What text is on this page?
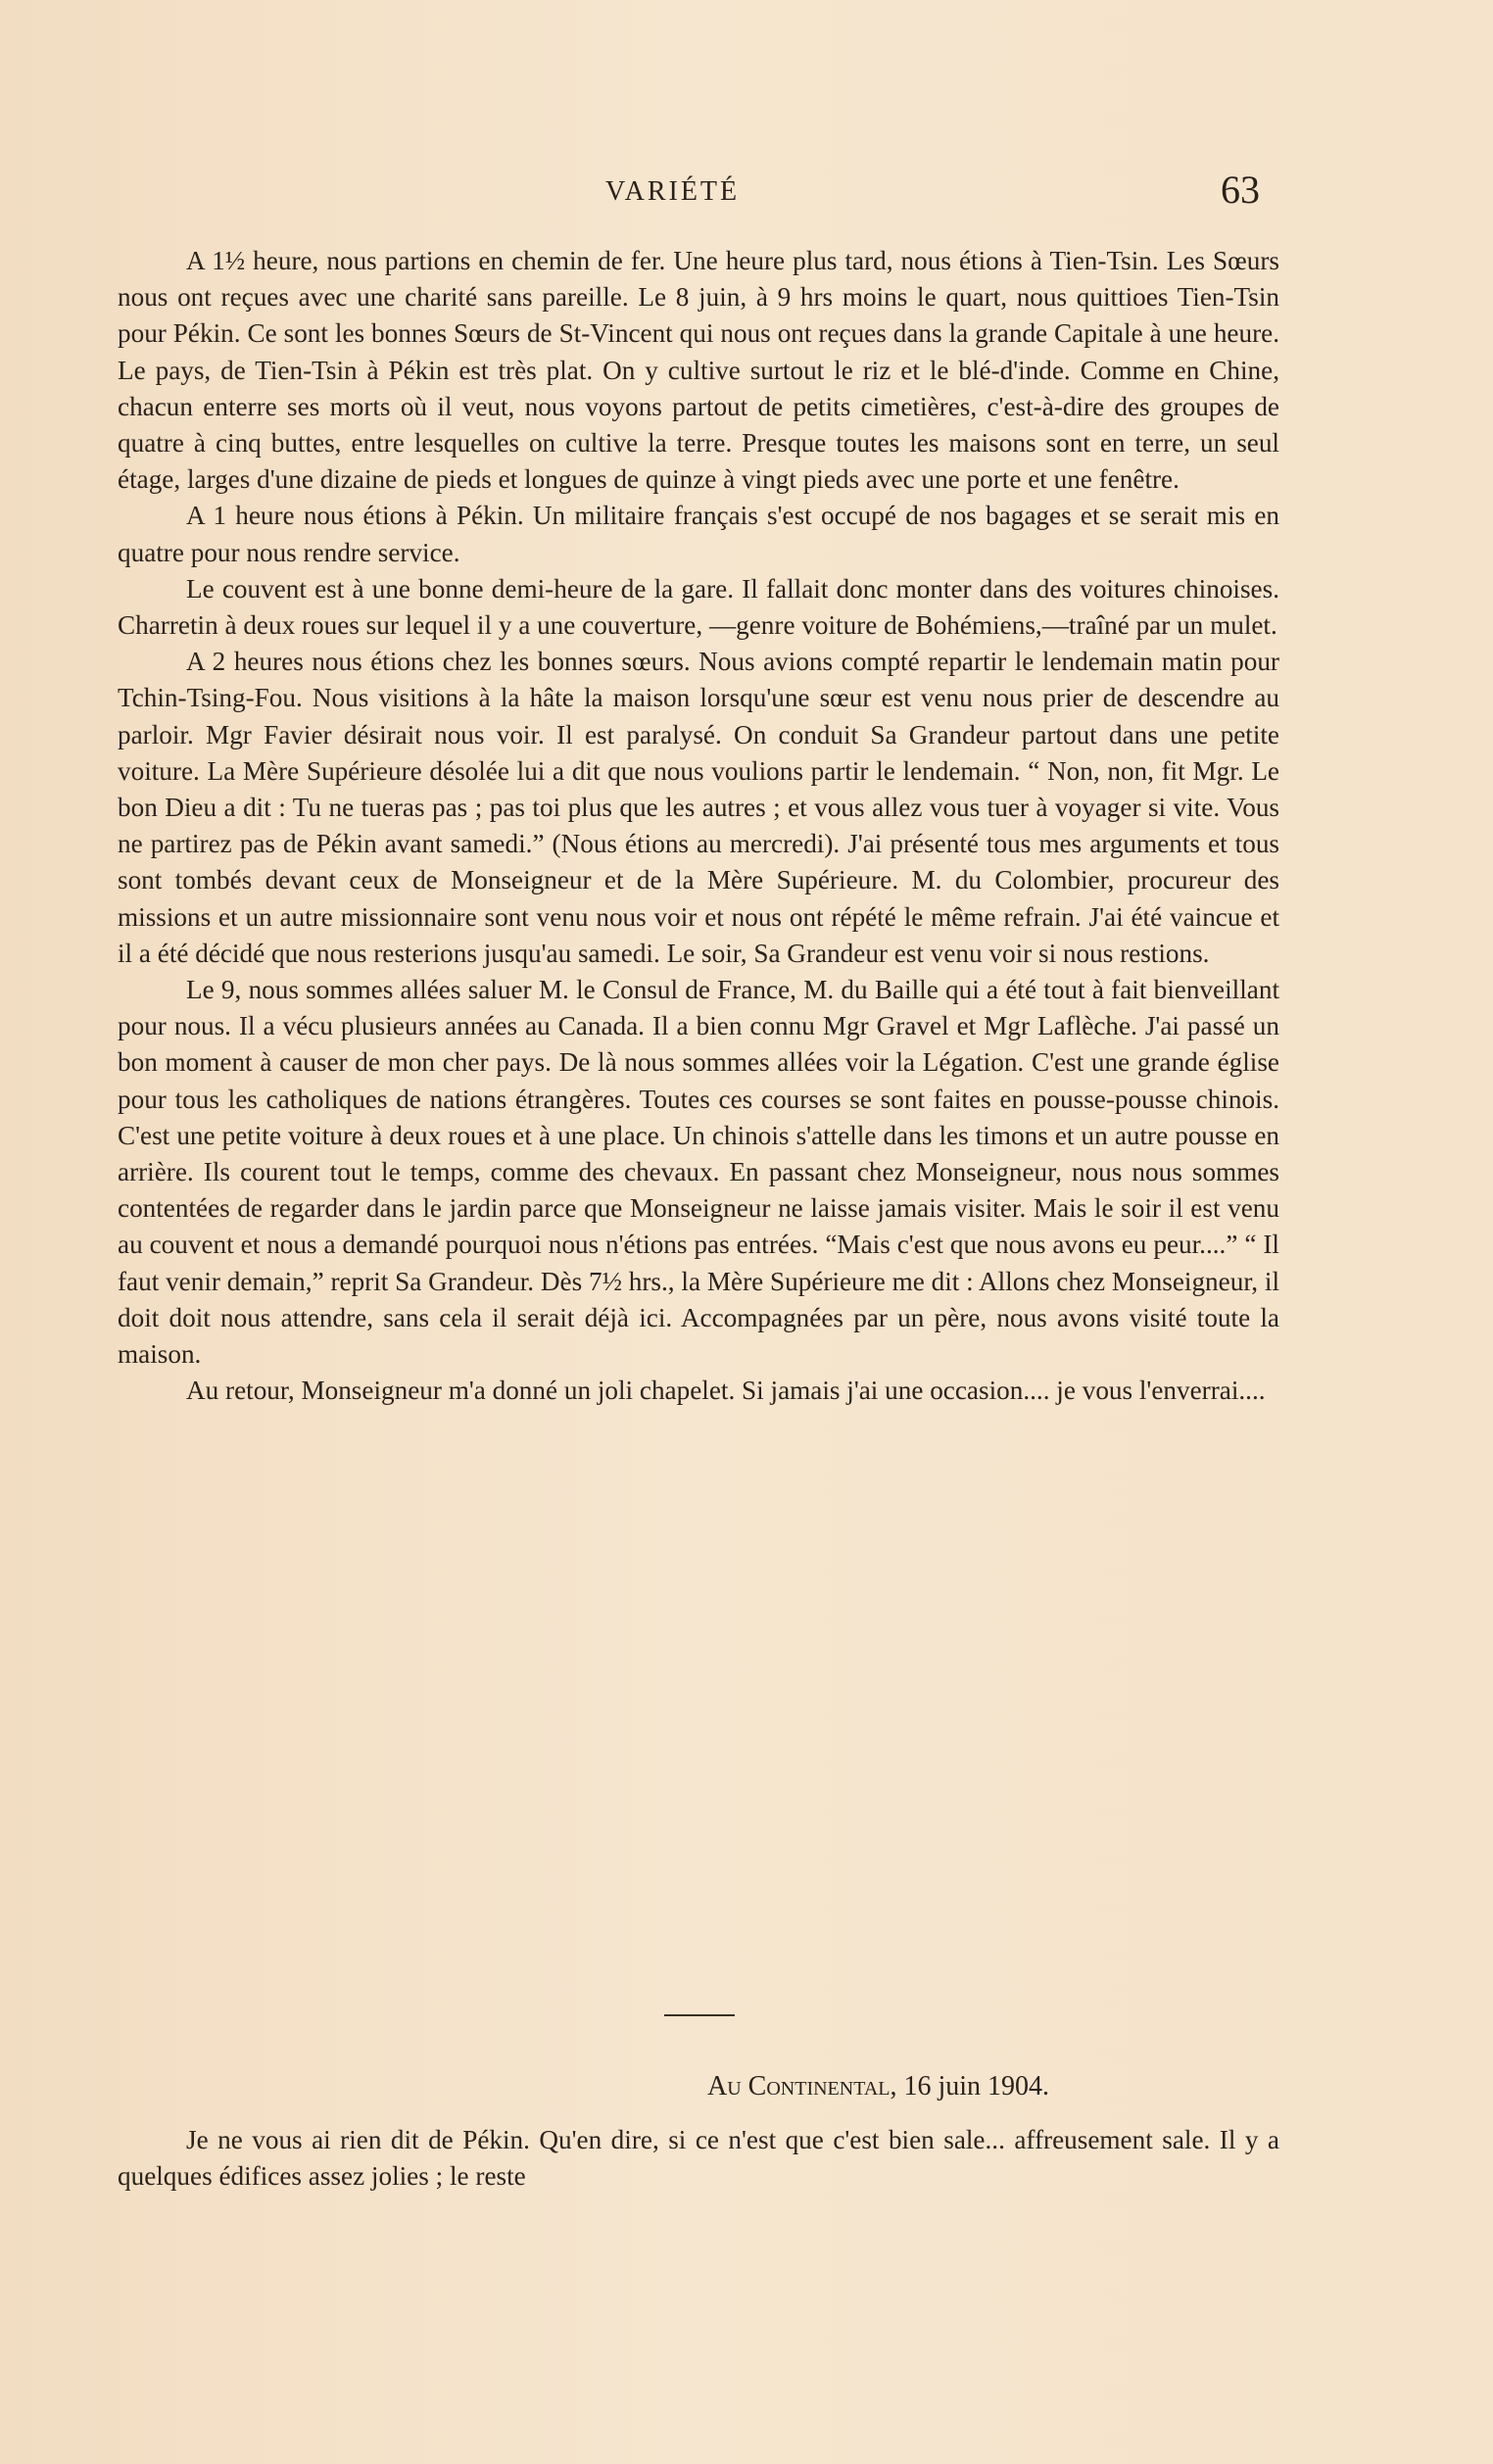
VARIÉTÉ	63

A 1½ heure, nous partions en chemin de fer. Une heure plus tard, nous étions à Tien-Tsin. Les Sœurs nous ont reçues avec une charité sans pareille. Le 8 juin, à 9 hrs moins le quart, nous quittioes Tien-Tsin pour Pékin. Ce sont les bonnes Sœurs de St-Vincent qui nous ont reçues dans la grande Capitale à une heure. Le pays, de Tien-Tsin à Pékin est très plat. On y cultive surtout le riz et le blé-d'inde. Comme en Chine, chacun enterre ses morts où il veut, nous voyons partout de petits cimetières, c'est-à-dire des groupes de quatre à cinq buttes, entre lesquelles on cultive la terre. Presque toutes les maisons sont en terre, un seul étage, larges d'une dizaine de pieds et longues de quinze à vingt pieds avec une porte et une fenêtre.

A 1 heure nous étions à Pékin. Un militaire français s'est occupé de nos bagages et se serait mis en quatre pour nous rendre service.

Le couvent est à une bonne demi-heure de la gare. Il fallait donc monter dans des voitures chinoises. Charretin à deux roues sur lequel il y a une couverture, —genre voiture de Bohémiens,—traîné par un mulet.

A 2 heures nous étions chez les bonnes sœurs. Nous avions compté repartir le lendemain matin pour Tchin-Tsing-Fou. Nous visitions à la hâte la maison lorsqu'une sœur est venu nous prier de descendre au parloir. Mgr Favier désirait nous voir. Il est paralysé. On conduit Sa Grandeur partout dans une petite voiture. La Mère Supérieure désolée lui a dit que nous voulions partir le lendemain. “ Non, non, fit Mgr. Le bon Dieu a dit : Tu ne tueras pas ; pas toi plus que les autres ; et vous allez vous tuer à voyager si vite. Vous ne partirez pas de Pékin avant samedi.” (Nous étions au mercredi). J'ai présenté tous mes arguments et tous sont tombés devant ceux de Monseigneur et de la Mère Supérieure. M. du Colombier, procureur des missions et un autre missionnaire sont venu nous voir et nous ont répété le même refrain. J'ai été vaincue et il a été décidé que nous resterions jusqu'au samedi. Le soir, Sa Grandeur est venu voir si nous restions.

Le 9, nous sommes allées saluer M. le Consul de France, M. du Baille qui a été tout à fait bienveillant pour nous. Il a vécu plusieurs années au Canada. Il a bien connu Mgr Gravel et Mgr Laflèche. J'ai passé un bon moment à causer de mon cher pays. De là nous sommes allées voir la Légation. C'est une grande église pour tous les catholiques de nations étrangères. Toutes ces courses se sont faites en pousse-pousse chinois. C'est une petite voiture à deux roues et à une place. Un chinois s'attelle dans les timons et un autre pousse en arrière. Ils courent tout le temps, comme des chevaux. En passant chez Monseigneur, nous nous sommes contentées de regarder dans le jardin parce que Monseigneur ne laisse jamais visiter. Mais le soir il est venu au couvent et nous a demandé pourquoi nous n'étions pas entrées. “Mais c'est que nous avons eu peur....” “ Il faut venir demain,” reprit Sa Grandeur. Dès 7½ hrs., la Mère Supérieure me dit : Allons chez Monseigneur, il doit doit nous attendre, sans cela il serait déjà ici. Accompagnées par un père, nous avons visité toute la maison.

Au retour, Monseigneur m'a donné un joli chapelet. Si jamais j'ai une occasion.... je vous l'enverrai....

Au Continental, 16 juin 1904.
Je ne vous ai rien dit de Pékin. Qu'en dire, si ce n'est que c'est bien sale... affreusement sale. Il y a quelques édifices assez jolies ; le reste
